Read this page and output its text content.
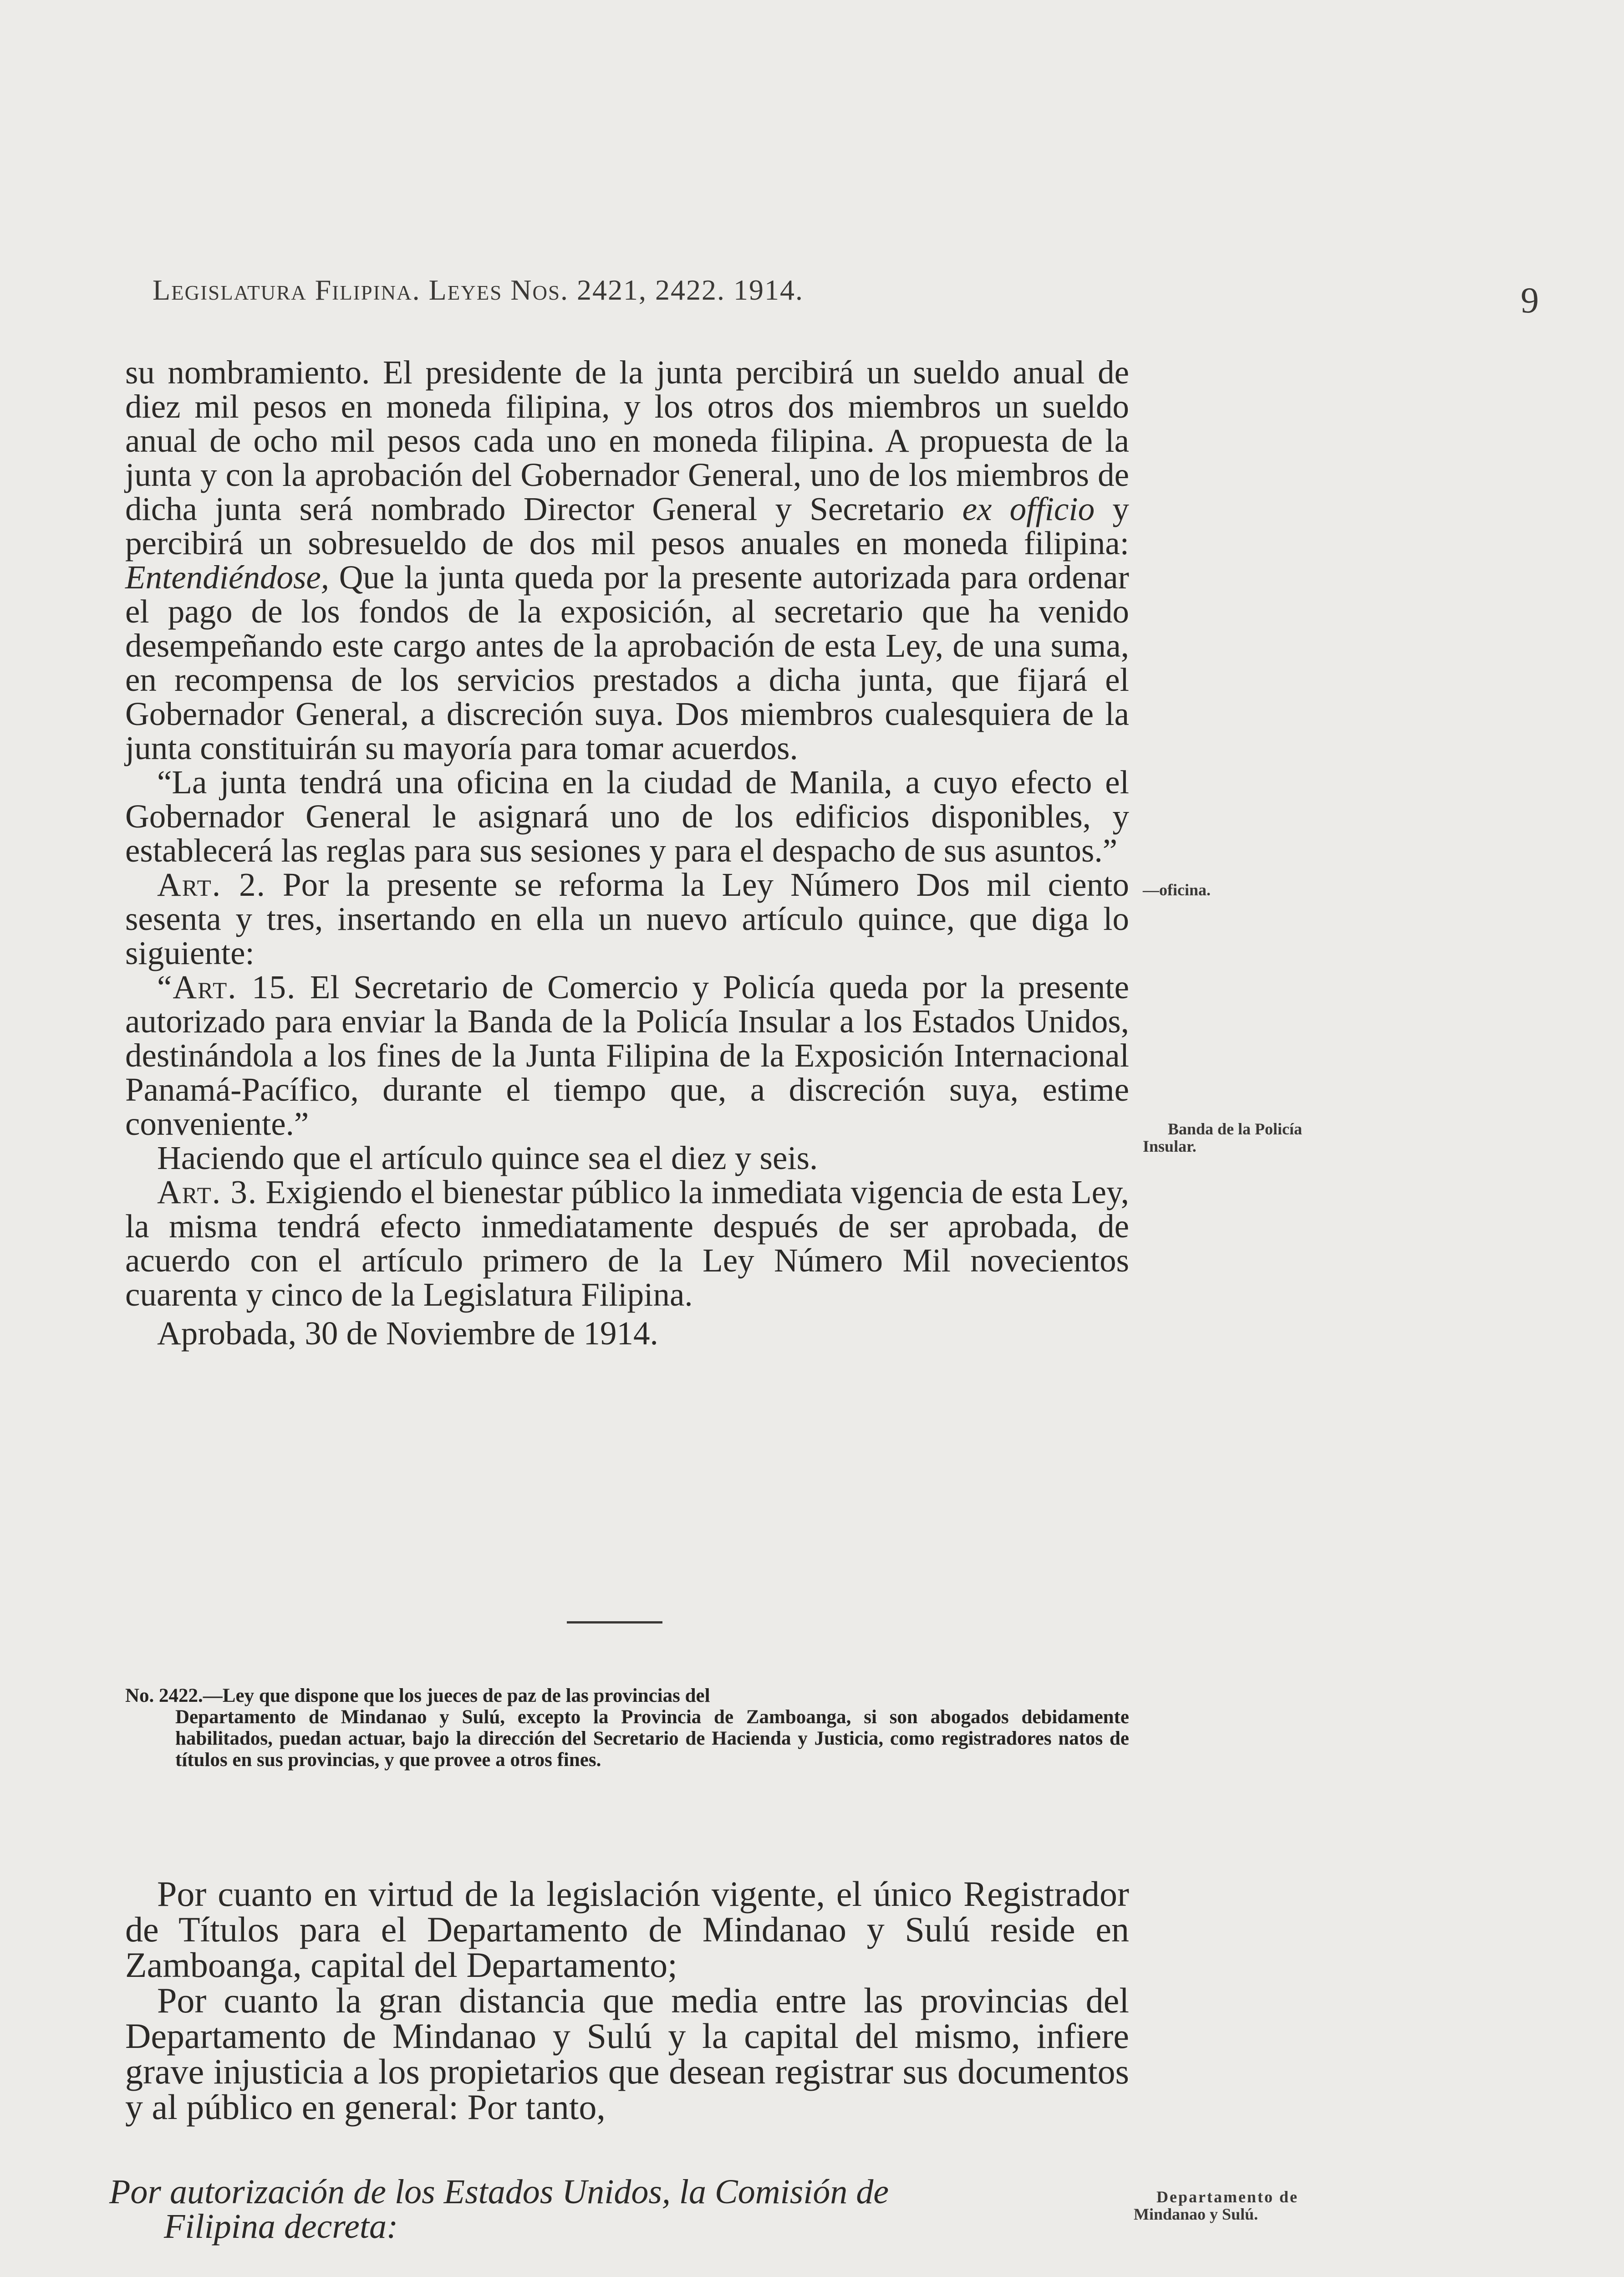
Legislatura Filipina. Leyes Nos. 2421, 2422. 1914.	9

su nombramiento. El presidente de la junta percibirá un sueldo anual de diez mil pesos en moneda filipina, y los otros dos miembros un sueldo anual de ocho mil pesos cada uno en moneda filipina. A propuesta de la junta y con la aprobación del Gobernador General, uno de los miembros de dicha junta será nombrado Director General y Secretario ex officio y percibirá un sobresueldo de dos mil pesos anuales en moneda filipina: Entendiéndose, Que la junta queda por la presente autorizada para ordenar el pago de los fondos de la exposición, al secretario que ha venido desempeñando este cargo antes de la aprobación de esta Ley, de una suma, en recompensa de los servicios prestados a dicha junta, que fijará el Gobernador General, a discreción suya. Dos miembros cualesquiera de la junta constituirán su mayoría para tomar acuerdos.

“La junta tendrá una oficina en la ciudad de Manila, a cuyo efecto el Gobernador General le asignará uno de los edificios disponibles, y establecerá las reglas para sus sesiones y para el despacho de sus asuntos.”

Art. 2. Por la presente se reforma la Ley Número Dos mil ciento sesenta y tres, insertando en ella un nuevo artículo quince, que diga lo siguiente:

“Art. 15. El Secretario de Comercio y Policía queda por la presente autorizado para enviar la Banda de la Policía Insular a los Estados Unidos, destinándola a los fines de la Junta Filipina de la Exposición Internacional Panamá-Pacífico, durante el tiempo que, a discreción suya, estime conveniente.”

Haciendo que el artículo quince sea el diez y seis.

Art. 3. Exigiendo el bienestar público la inmediata vigencia de esta Ley, la misma tendrá efecto inmediatamente después de ser aprobada, de acuerdo con el artículo primero de la Ley Número Mil novecientos cuarenta y cinco de la Legislatura Filipina.

Aprobada, 30 de Noviembre de 1914.

No. 2422.—Ley que dispone que los jueces de paz de las provincias del
Departamento de Mindanao y Sulú, excepto la Provincia de Zamboanga, si son abogados debidamente habilitados, puedan actuar, bajo la dirección del Secretario de Hacienda y Justicia, como registradores natos de títulos en sus provincias, y que provee a otros fines.

Por cuanto en virtud de la legislación vigente, el único Registrador de Títulos para el Departamento de Mindanao y Sulú reside en Zamboanga, capital del Departamento;

Por cuanto la gran distancia que media entre las provincias del Departamento de Mindanao y Sulú y la capital del mismo, infiere grave injusticia a los propietarios que desean registrar sus documentos y al público en general: Por tanto,

Por autorización de los Estados Unidos, la Comisión de
Filipina decreta:

—oficina.
Banda de la Policía
Insular.
Departamento de
Mindanao y Sulú.
